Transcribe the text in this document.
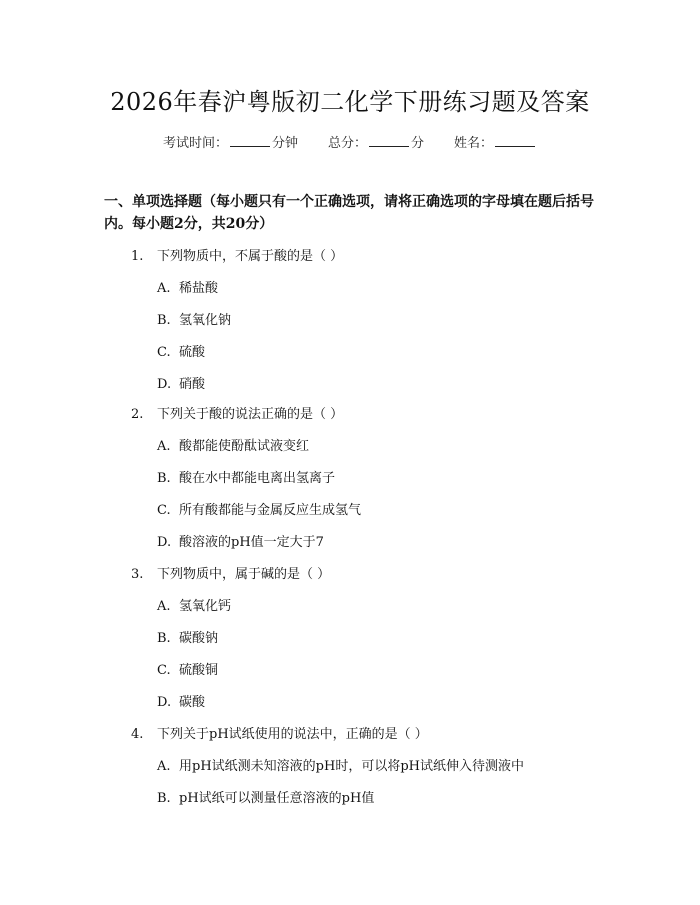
2026年春沪粤版初二化学下册练习题及答案
考试时间：	分钟 总分：	分 姓名：
一、单项选择题（每小题只有一个正确选项，请将正确选项的字母填在题后括号内。每小题2分，共20分）
1. 下列物质中，不属于酸的是（ ）
A. 稀盐酸
B. 氢氧化钠
C. 硫酸
D. 硝酸
2. 下列关于酸的说法正确的是（ ）
A. 酸都能使酚酞试液变红
B. 酸在水中都能电离出氢离子
C. 所有酸都能与金属反应生成氢气
D. 酸溶液的pH值一定大于7
3. 下列物质中，属于碱的是（ ）
A. 氢氧化钙
B. 碳酸钠
C. 硫酸铜
D. 碳酸
4. 下列关于pH试纸使用的说法中，正确的是（ ）
A. 用pH试纸测未知溶液的pH时，可以将pH试纸伸入待测液中
B. pH试纸可以测量任意溶液的pH值
